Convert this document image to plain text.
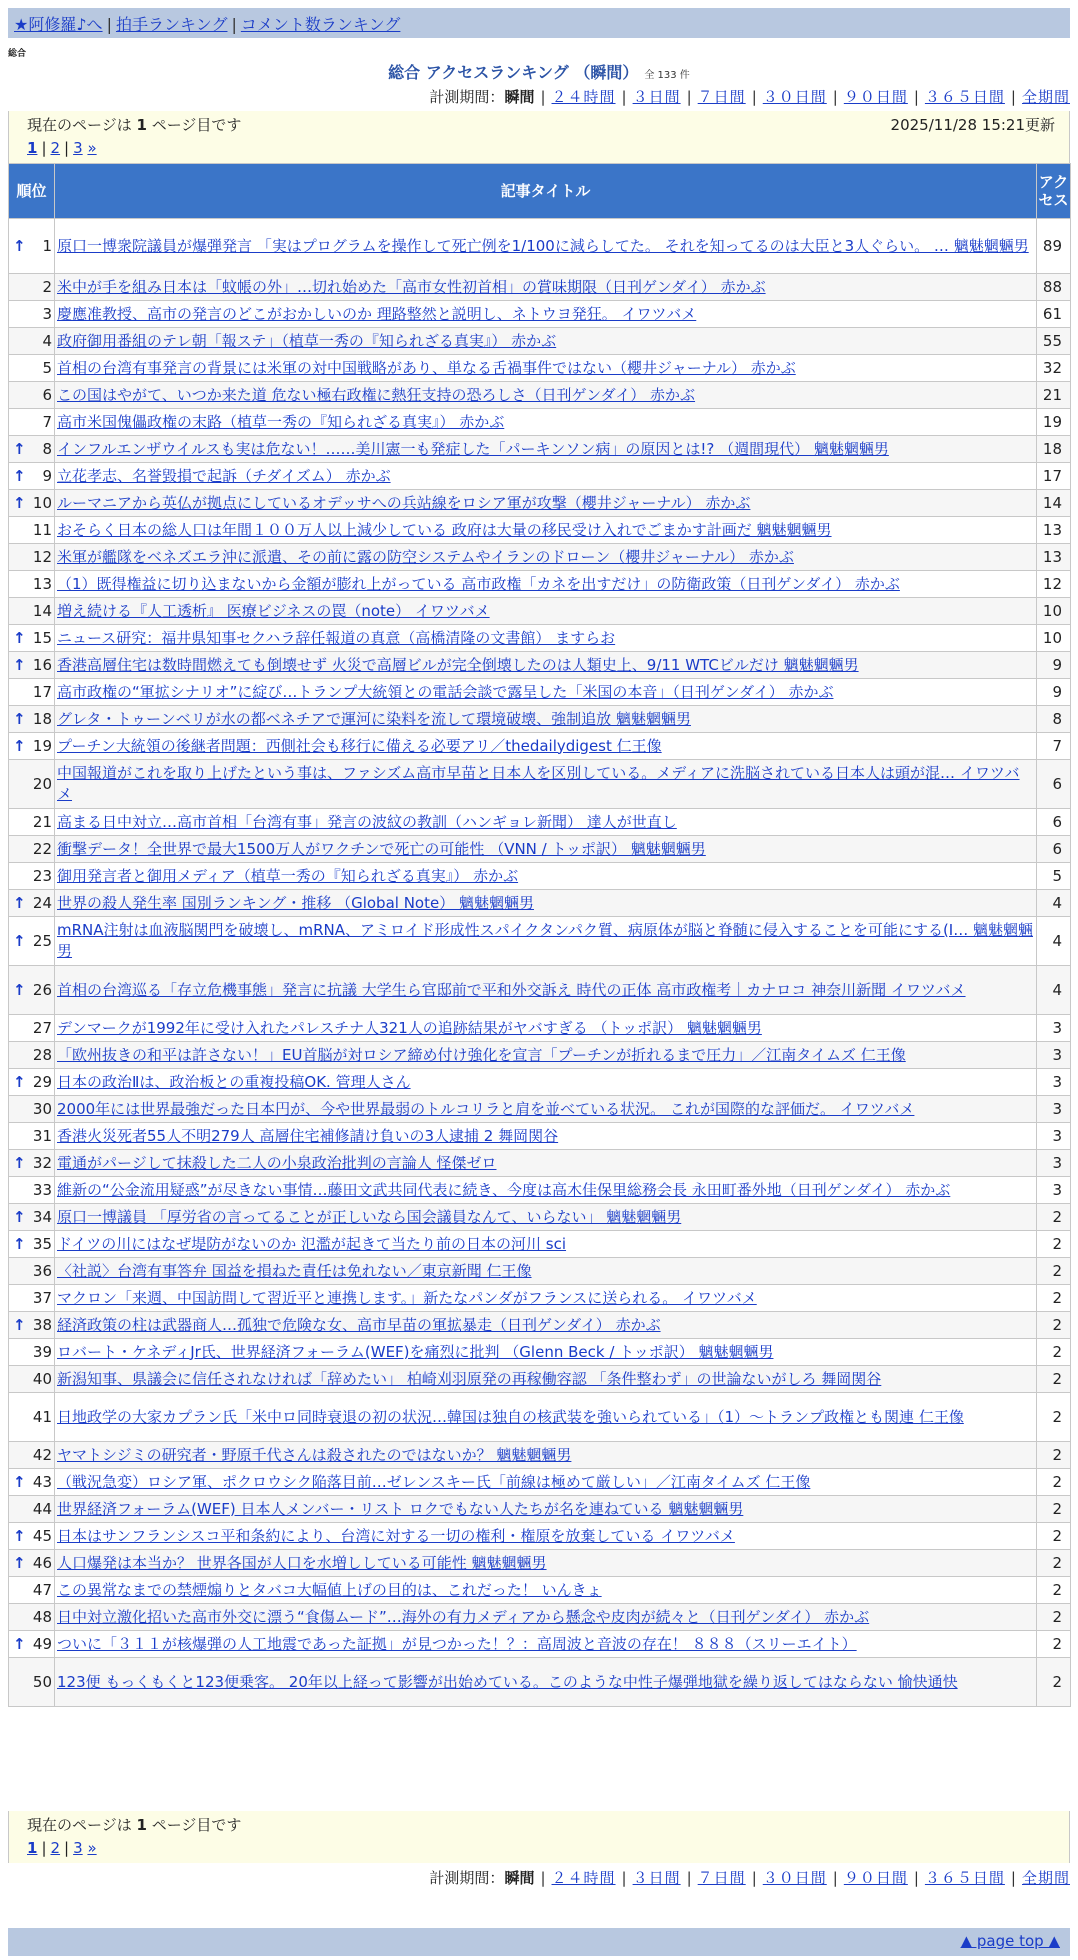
★阿修羅♪へ | 拍手ランキング | コメント数ランキング
総合
総合 アクセスランキング （瞬間） 全 133 件
計測期間：瞬間 | ２４時間 | ３日間 | ７日間 | ３０日間 | ９０日間 | ３６５日間 | 全期間
現在のページは 1 ページ目です	2025/11/28 15:21更新
1 | 2 | 3 »
順位	記事タイトル	アクセス

↑ 1	原口一博衆院議員が爆弾発言 「実はプログラムを操作して死亡例を1/100に減らしてた。 それを知ってるのは大臣と3人ぐらい。 … 魑魅魍魎男	89
2	米中が手を組み日本は「蚊帳の外」…切れ始めた「高市女性初首相」の賞味期限（日刊ゲンダイ） 赤かぶ	88
3	慶應准教授、高市の発言のどこがおかしいのか 理路整然と説明し、ネトウヨ発狂。 イワツバメ	61
4	政府御用番組のテレ朝「報ステ」（植草一秀の『知られざる真実』） 赤かぶ	55
5	首相の台湾有事発言の背景には米軍の対中国戦略があり、単なる舌禍事件ではない（櫻井ジャーナル） 赤かぶ	32
6	この国はやがて、いつか来た道 危ない極右政権に熱狂支持の恐ろしさ（日刊ゲンダイ） 赤かぶ	21
7	高市米国傀儡政権の末路（植草一秀の『知られざる真実』） 赤かぶ	19

↑ 8	インフルエンザウイルスも実は危ない！……美川憲一も発症した「パーキンソン病」の原因とは!? （週間現代） 魑魅魍魎男	18

↑ 9	立花孝志、名誉毀損で起訴（チダイズム） 赤かぶ	17

↑ 10	ルーマニアから英仏が拠点にしているオデッサへの兵站線をロシア軍が攻撃（櫻井ジャーナル） 赤かぶ	14
11	おそらく日本の総人口は年間１００万人以上減少している 政府は大量の移民受け入れでごまかす計画だ 魑魅魍魎男	13
12	米軍が艦隊をベネズエラ沖に派遣、その前に露の防空システムやイランのドローン（櫻井ジャーナル） 赤かぶ	13
13	（1）既得権益に切り込まないから金額が膨れ上がっている 高市政権「カネを出すだけ」の防衛政策（日刊ゲンダイ） 赤かぶ	12
14	増え続ける『人工透析』 医療ビジネスの罠（note） イワツバメ	10

↑ 15	ニュース研究：福井県知事セクハラ辞任報道の真意（高橋清隆の文書館） ますらお	10

↑ 16	香港高層住宅は数時間燃えても倒壊せず 火災で高層ビルが完全倒壊したのは人類史上、9/11 WTCビルだけ 魑魅魍魎男	9
17	高市政権の“軍拡シナリオ”に綻び…トランプ大統領との電話会談で露呈した「米国の本音」（日刊ゲンダイ） 赤かぶ	9

↑ 18	グレタ・トゥーンベリが水の都ベネチアで運河に染料を流して環境破壊、強制追放 魑魅魍魎男	8

↑ 19	プーチン大統領の後継者問題：西側社会も移行に備える必要アリ／thedailydigest 仁王像	7
20	中国報道がこれを取り上げたという事は、ファシズム高市早苗と日本人を区別している。メディアに洗脳されている日本人は頭が混… イワツバメ	6
21	高まる日中対立…高市首相「台湾有事」発言の波紋の教訓（ハンギョレ新聞） 達人が世直し	6
22	衝撃データ！全世界で最大1500万人がワクチンで死亡の可能性 （VNN / トッポ訳） 魑魅魍魎男	6
23	御用発言者と御用メディア（植草一秀の『知られざる真実』） 赤かぶ	5

↑ 24	世界の殺人発生率 国別ランキング・推移 （Global Note） 魑魅魍魎男	4

↑ 25	mRNA注射は血液脳関門を破壊し、mRNA、アミロイド形成性スパイクタンパク質、病原体が脳と脊髄に侵入することを可能にする(I… 魑魅魍魎男	4

↑ 26	首相の台湾巡る「存立危機事態」発言に抗議 大学生ら官邸前で平和外交訴え 時代の正体 高市政権考｜カナロコ 神奈川新聞 イワツバメ	4
27	デンマークが1992年に受け入れたパレスチナ人321人の追跡結果がヤバすぎる （トッポ訳） 魑魅魍魎男	3
28	「欧州抜きの和平は許さない！」EU首脳が対ロシア締め付け強化を宣言「プーチンが折れるまで圧力」／江南タイムズ 仁王像	3

↑ 29	日本の政治Ⅱは、政治板との重複投稿OK. 管理人さん	3
30	2000年には世界最強だった日本円が、今や世界最弱のトルコリラと肩を並べている状況。 これが国際的な評価だ。 イワツバメ	3
31	香港火災死者55人不明279人 高層住宅補修請け負いの3人逮捕 2 舞岡関谷	3

↑ 32	電通がパージして抹殺した二人の小泉政治批判の言論人 怪傑ゼロ	3
33	維新の“公金流用疑惑”が尽きない事情…藤田文武共同代表に続き、今度は高木佳保里総務会長 永田町番外地（日刊ゲンダイ） 赤かぶ	3

↑ 34	原口一博議員 「厚労省の言ってることが正しいなら国会議員なんて、いらない」 魑魅魍魎男	2

↑ 35	ドイツの川にはなぜ堤防がないのか 氾濫が起きて当たり前の日本の河川 sci	2
36	〈社説〉台湾有事答弁 国益を損ねた責任は免れない／東京新聞 仁王像	2
37	マクロン「来週、中国訪問して習近平と連携します。」新たなパンダがフランスに送られる。 イワツバメ	2

↑ 38	経済政策の柱は武器商人…孤独で危険な女、高市早苗の軍拡暴走（日刊ゲンダイ） 赤かぶ	2
39	ロバート・ケネディJr氏、世界経済フォーラム(WEF)を痛烈に批判 （Glenn Beck / トッポ訳） 魑魅魍魎男	2
40	新潟知事、県議会に信任されなければ「辞めたい」 柏崎刈羽原発の再稼働容認 「条件整わず」の世論ないがしろ 舞岡関谷	2
41	日地政学の大家カプラン氏「米中ロ同時衰退の初の状況…韓国は独自の核武装を強いられている」（1）～トランプ政権とも関連 仁王像	2
42	ヤマトシジミの研究者・野原千代さんは殺されたのではないか？ 魑魅魍魎男	2

↑ 43	（戦況急変）ロシア軍、ポクロウシク陥落目前…ゼレンスキー氏「前線は極めて厳しい」／江南タイムズ 仁王像	2
44	世界経済フォーラム(WEF) 日本人メンバー・リスト ロクでもない人たちが名を連ねている 魑魅魍魎男	2

↑ 45	日本はサンフランシスコ平和条約により、台湾に対する一切の権利・権原を放棄している イワツバメ	2

↑ 46	人口爆発は本当か？ 世界各国が人口を水増ししている可能性 魑魅魍魎男	2
47	この異常なまでの禁煙煽りとタバコ大幅値上げの目的は、これだった！ いんきょ	2
48	日中対立激化招いた高市外交に漂う“食傷ムード”…海外の有力メディアから懸念や皮肉が続々と（日刊ゲンダイ） 赤かぶ	2

↑ 49	ついに「３１１が核爆弾の人工地震であった証拠」が見つかった！？：高周波と音波の存在！ ８８８（スリーエイト）	2
50	123便 もっくもくと123便乗客。 20年以上経って影響が出始めている。このような中性子爆弾地獄を繰り返してはならない 愉快通快	2
現在のページは 1 ページ目です
1 | 2 | 3 »
計測期間：瞬間 | ２４時間 | ３日間 | ７日間 | ３０日間 | ９０日間 | ３６５日間 | 全期間
▲ page top ▲
